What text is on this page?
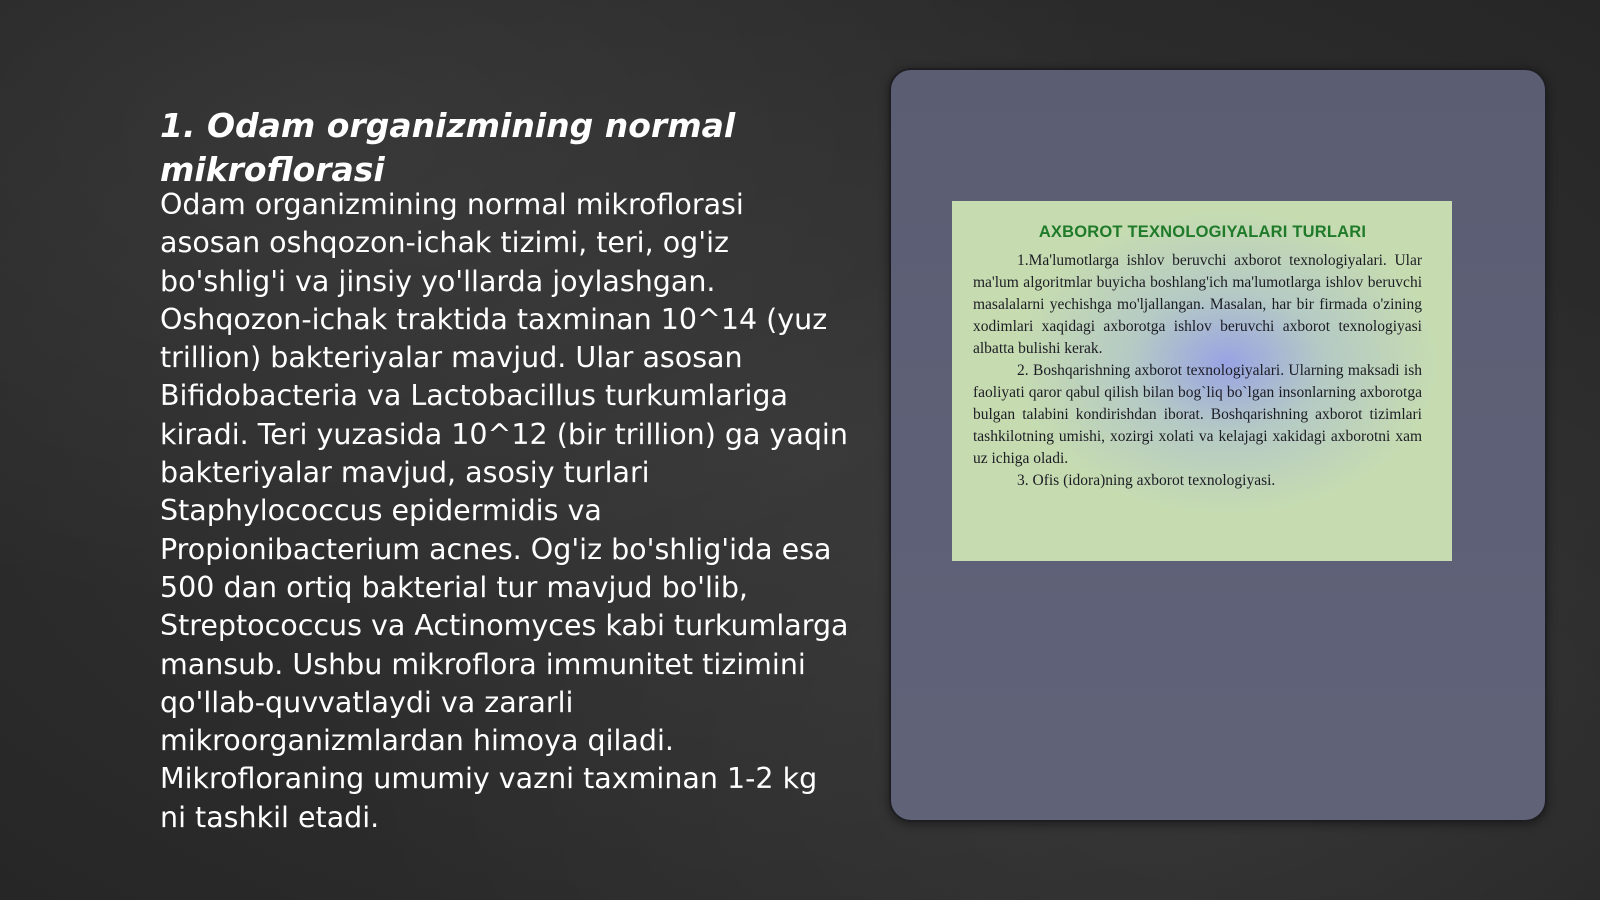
1. Odam organizmining normal mikroflorasi

Odam organizmining normal mikroflorasi asosan oshqozon-ichak tizimi, teri, og'iz bo'shlig'i va jinsiy yo'llarda joylashgan. Oshqozon-ichak traktida taxminan 10^14 (yuz trillion) bakteriyalar mavjud. Ular asosan Bifidobacteria va Lactobacillus turkumlariga kiradi. Teri yuzasida 10^12 (bir trillion) ga yaqin bakteriyalar mavjud, asosiy turlari Staphylococcus epidermidis va Propionibacterium acnes. Og'iz bo'shlig'ida esa 500 dan ortiq bakterial tur mavjud bo'lib, Streptococcus va Actinomyces kabi turkumlarga mansub. Ushbu mikroflora immunitet tizimini qo'llab-quvvatlaydi va zararli mikroorganizmlardan himoya qiladi. Mikrofloraning umumiy vazni taxminan 1-2 kg ni tashkil etadi.

AXBOROT TEXNOLOGIYALARI TURLARI

1.Ma'lumotlarga ishlov beruvchi axborot texnologiyalari. Ular ma'lum algoritmlar buyicha boshlang'ich ma'lumotlarga ishlov beruvchi masalalarni yechishga mo'ljallangan. Masalan, har bir firmada o'zining xodimlari xaqidagi axborotga ishlov beruvchi axborot texnologiyasi albatta bulishi kerak.

2. Boshqarishning axborot texnologiyalari. Ularning maksadi ish faoliyati qaror qabul qilish bilan bog`liq bo`lgan insonlarning axborotga bulgan talabini kondirishdan iborat. Boshqarishning axborot tizimlari tashkilotning umishi, xozirgi xolati va kelajagi xakidagi axborotni xam uz ichiga oladi.

3. Ofis (idora)ning axborot texnologiyasi.
